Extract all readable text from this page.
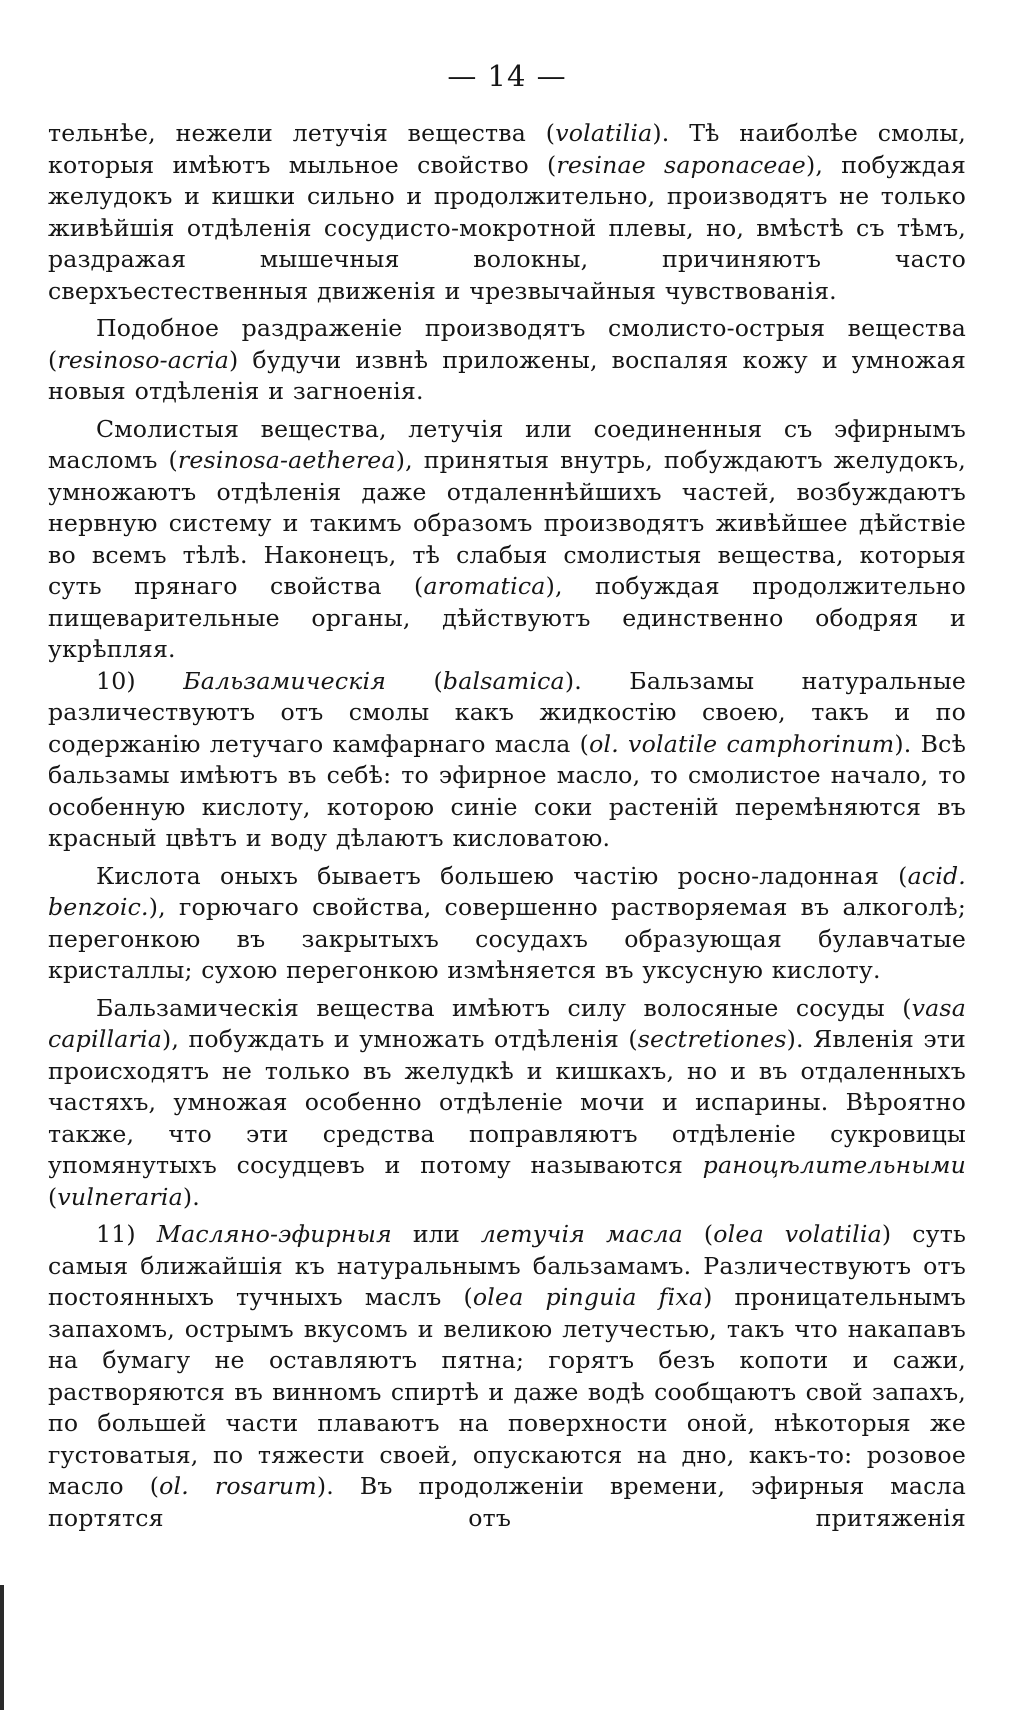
— 14 —

тельнѣе, нежели летучія вещества (volatilia). Тѣ наиболѣе смолы, которыя имѣютъ мыльное свойство (resinae saponaceae), побуждая желудокъ и кишки сильно и продолжительно, производятъ не только живѣйшія отдѣленія сосудисто-мокротной плевы, но, вмѣстѣ съ тѣмъ, раздражая мышечныя волокны, причиняютъ часто сверхъестественныя движенія и чрезвычайныя чувствованія.

Подобное раздраженіе производятъ смолисто-острыя вещества (resinoso-acria) будучи извнѣ приложены, воспаляя кожу и умножая новыя отдѣленія и загноенія.

Смолистыя вещества, летучія или соединенныя съ эфирнымъ масломъ (resinosa-aetherea), принятыя внутрь, побуждаютъ желудокъ, умножаютъ отдѣленія даже отдаленнѣйшихъ частей, возбуждаютъ нервную систему и такимъ образомъ производятъ живѣйшее дѣйствіе во всемъ тѣлѣ. Наконецъ, тѣ слабыя смолистыя вещества, которыя суть прянаго свойства (aromatica), побуждая продолжительно пищеварительные органы, дѣйствуютъ единственно ободряя и укрѣпляя.

10) Бальзамическія (balsamica). Бальзамы натуральные различествуютъ отъ смолы какъ жидкостію своею, такъ и по содержанію летучаго камфарнаго масла (ol. volatile camphorinum). Всѣ бальзамы имѣютъ въ себѣ: то эфирное масло, то смолистое начало, то особенную кислоту, которою синіе соки растеній перемѣняются въ красный цвѣтъ и воду дѣлаютъ кисловатою.

Кислота оныхъ бываетъ большею частію росно-ладонная (acid. benzoic.), горючаго свойства, совершенно растворяемая въ алкоголѣ; перегонкою въ закрытыхъ сосудахъ образующая булавчатые кристаллы; сухою перегонкою измѣняется въ уксусную кислоту.

Бальзамическія вещества имѣютъ силу волосяные сосуды (vasa capillaria), побуждать и умножать отдѣленія (sectretiones). Явленія эти происходятъ не только въ желудкѣ и кишкахъ, но и въ отдаленныхъ частяхъ, умножая особенно отдѣленіе мочи и испарины. Вѣроятно также, что эти средства поправляютъ отдѣленіе сукровицы упомянутыхъ сосудцевъ и потому называются раноцѣлительными (vulneraria).

11) Масляно-эфирныя или летучія масла (olea volatilia) суть самыя ближайшія къ натуральнымъ бальзамамъ. Различествуютъ отъ постоянныхъ тучныхъ маслъ (olea pinguia fixa) проницательнымъ запахомъ, острымъ вкусомъ и великою летучестью, такъ что накапавъ на бумагу не оставляютъ пятна; горятъ безъ копоти и сажи, растворяются въ винномъ спиртѣ и даже водѣ сообщаютъ свой запахъ, по большей части плаваютъ на поверхности оной, нѣкоторыя же густоватыя, по тяжести своей, опускаются на дно, какъ-то: розовое масло (ol. rosarum). Въ продолженіи времени, эфирныя масла портятся отъ притяженія
